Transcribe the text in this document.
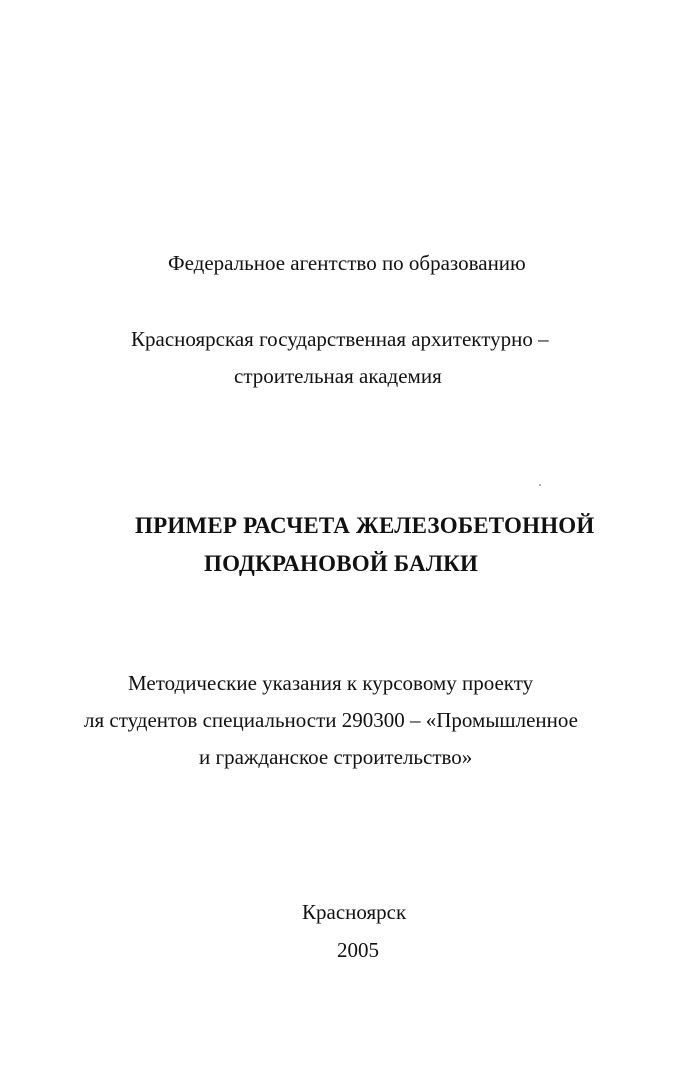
Федеральное агентство по образованию
Красноярская государственная архитектурно –
строительная академия
ПРИМЕР РАСЧЕТА ЖЕЛЕЗОБЕТОННОЙ
ПОДКРАНОВОЙ БАЛКИ
Методические указания к курсовому проекту
ля студентов специальности 290300 – «Промышленное
и гражданское строительство»
Красноярск
2005
